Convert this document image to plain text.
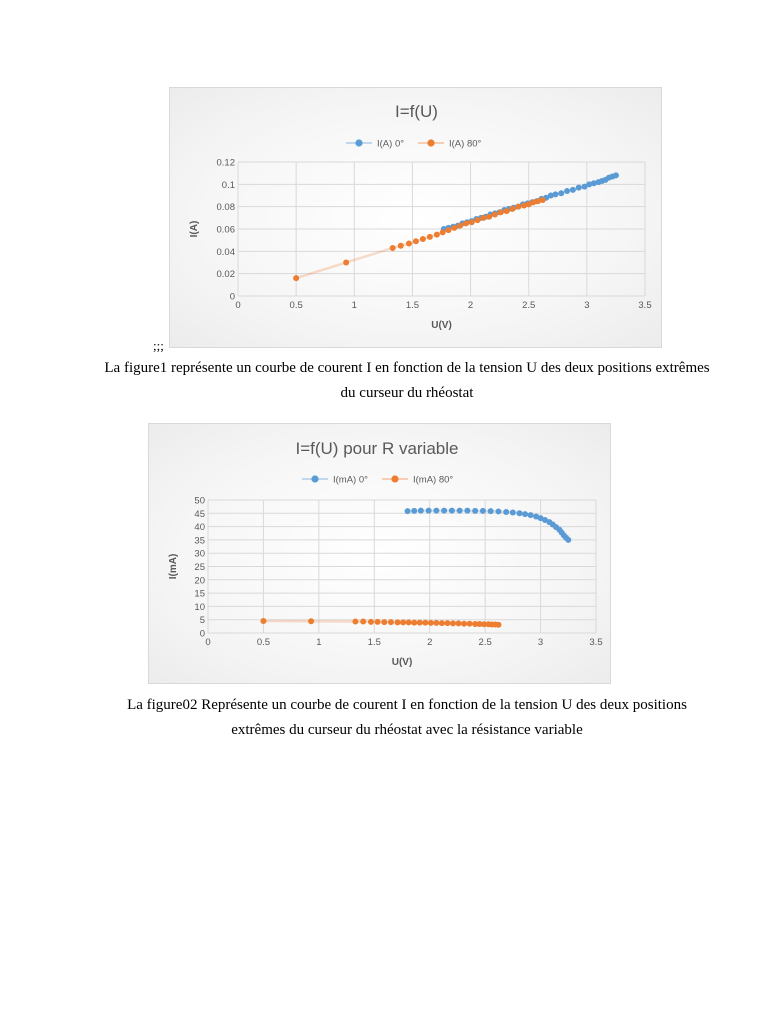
I=f(U)
I(A) 0°	I(A) 80°
0
0.02
0.04
0.06
0.08
0.1
0.12
0	0.5	1	1.5	2	2.5	3	3.5
U(V)
I(A)
;;;
La figure1 représente un courbe de courent I en fonction de la tension U des deux positions extrêmes du curseur du rhéostat
I=f(U) pour R variable
I(mA) 0°	I(mA) 80°
0
5
10
15
20
25
30
35
40
45
50
0	0.5	1	1.5	2	2.5	3	3.5
U(V)
I(mA)
La figure02 Représente un courbe de courent I en fonction de la tension U des deux positions extrêmes du curseur du rhéostat avec la résistance variable
